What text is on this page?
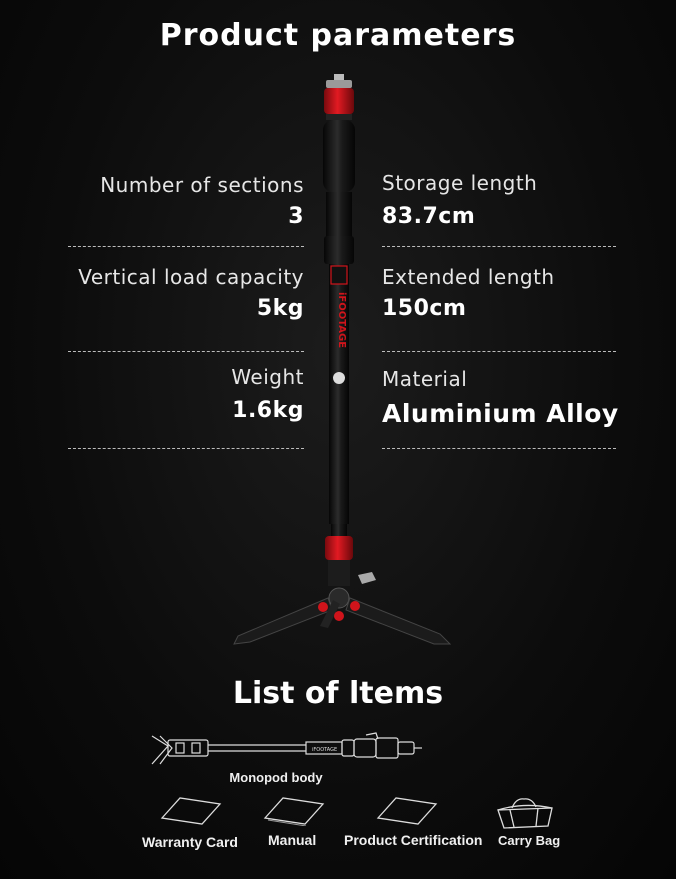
Product parameters
iFOOTAGE
Number of sections
3
Storage length
83.7cm
Vertical load capacity
5kg
Extended length
150cm
Weight
1.6kg
Material
Aluminium Alloy
List of ltems
iFOOTAGE
Monopod body
Warranty Card Manual Product Certification Carry Bag
